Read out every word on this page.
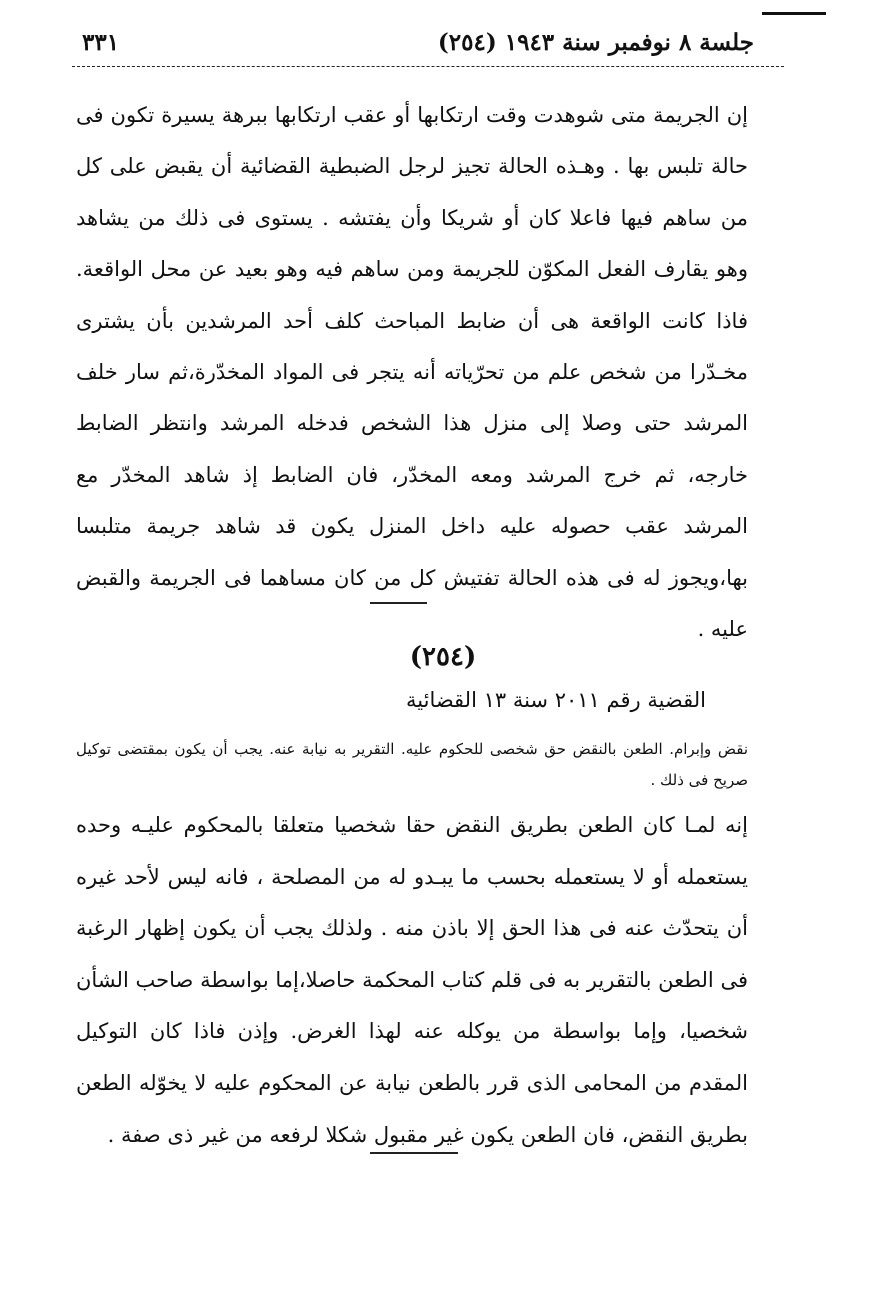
جلسة ٨ نوفمبر سنة ١٩٤٣ (٢٥٤)
٣٣١
إن الجريمة متى شوهدت وقت ارتكابها أو عقب ارتكابها ببرهة يسيرة تكون فى حالة تلبس بها . وهـذه الحالة تجيز لرجل الضبطية القضائية أن يقبض على كل من ساهم فيها فاعلا كان أو شريكا وأن يفتشه . يستوى فى ذلك من يشاهد وهو يقارف الفعل المكوّن للجريمة ومن ساهم فيه وهو بعيد عن محل الواقعة. فاذا كانت الواقعة هى أن ضابط المباحث كلف أحد المرشدين بأن يشترى مخـدّرا من شخص علم من تحرّياته أنه يتجر فى المواد المخدّرة،ثم سار خلف المرشد حتى وصلا إلى منزل هذا الشخص فدخله المرشد وانتظر الضابط خارجه، ثم خرج المرشد ومعه المخدّر، فان الضابط إذ شاهد المخدّر مع المرشد عقب حصوله عليه داخل المنزل يكون قد شاهد جريمة متلبسا بها،ويجوز له فى هذه الحالة تفتيش كل من كان مساهما فى الجريمة والقبض عليه .
(٢٥٤)
القضية رقم ٢٠١١ سنة ١٣ القضائية
نقض وإبرام. الطعن بالنقض حق شخصى للحكوم عليه. التقرير به نيابة عنه. يجب أن يكون بمقتضى توكيل صريح فى ذلك .
إنه لمـا كان الطعن بطريق النقض حقا شخصيا متعلقا بالمحكوم عليـه وحده يستعمله أو لا يستعمله بحسب ما يبـدو له من المصلحة ، فانه ليس لأحد غيره أن يتحدّث عنه فى هذا الحق إلا باذن منه . ولذلك يجب أن يكون إظهار الرغبة فى الطعن بالتقرير به فى قلم كتاب المحكمة حاصلا،إما بواسطة صاحب الشأن شخصيا، وإما بواسطة من يوكله عنه لهذا الغرض. وإذن فاذا كان التوكيل المقدم من المحامى الذى قرر بالطعن نيابة عن المحكوم عليه لا يخوّله الطعن بطريق النقض، فان الطعن يكون غير مقبول شكلا لرفعه من غير ذى صفة .
